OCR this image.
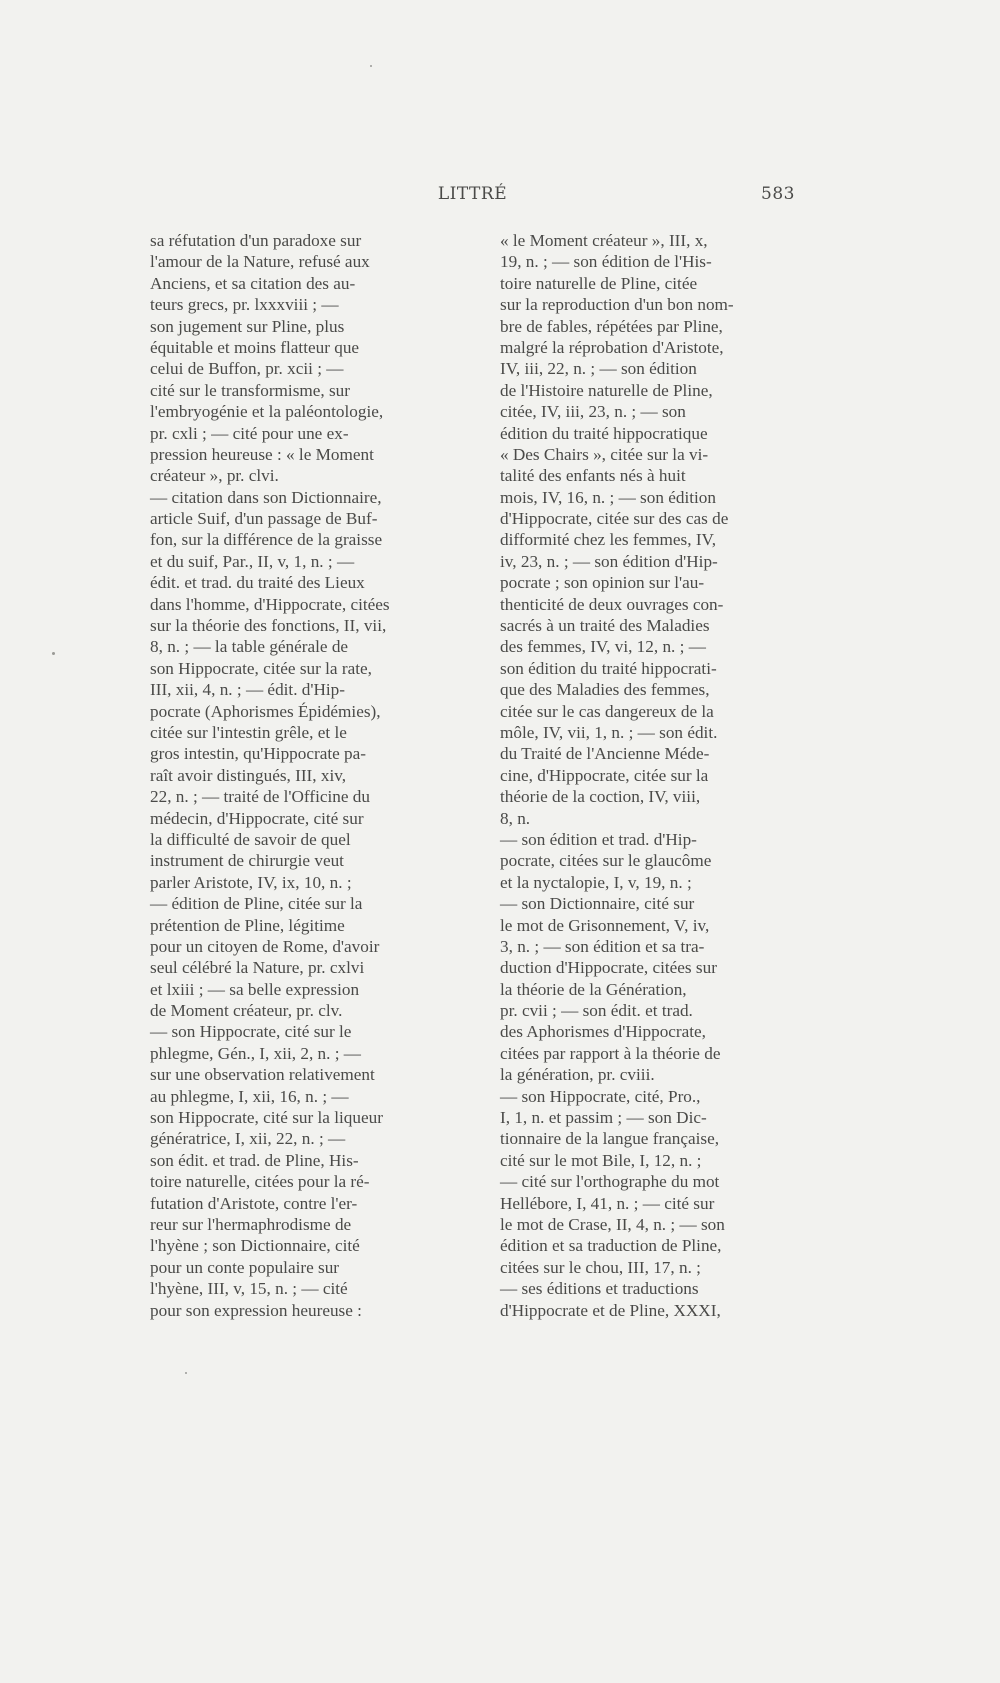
LITTRÉ	583
sa réfutation d'un paradoxe sur
l'amour de la Nature, refusé aux
Anciens, et sa citation des au-
teurs grecs, pr. lxxxviii ; —
son jugement sur Pline, plus
équitable et moins flatteur que
celui de Buffon, pr. xcii ; —
cité sur le transformisme, sur
l'embryogénie et la paléontologie,
pr. cxli ; — cité pour une ex-
pression heureuse : « le Moment
créateur », pr. clvi.
— citation dans son Dictionnaire,
article Suif, d'un passage de Buf-
fon, sur la différence de la graisse
et du suif, Par., II, v, 1, n. ; —
édit. et trad. du traité des Lieux
dans l'homme, d'Hippocrate, citées
sur la théorie des fonctions, II, vii,
8, n. ; — la table générale de
son Hippocrate, citée sur la rate,
III, xii, 4, n. ; — édit. d'Hip-
pocrate (Aphorismes Épidémies),
citée sur l'intestin grêle, et le
gros intestin, qu'Hippocrate pa-
raît avoir distingués, III, xiv,
22, n. ; — traité de l'Officine du
médecin, d'Hippocrate, cité sur
la difficulté de savoir de quel
instrument de chirurgie veut
parler Aristote, IV, ix, 10, n. ;
— édition de Pline, citée sur la
prétention de Pline, légitime
pour un citoyen de Rome, d'avoir
seul célébré la Nature, pr. cxlvi
et lxiii ; — sa belle expression
de Moment créateur, pr. clv.
— son Hippocrate, cité sur le
phlegme, Gén., I, xii, 2, n. ; —
sur une observation relativement
au phlegme, I, xii, 16, n. ; —
son Hippocrate, cité sur la liqueur
génératrice, I, xii, 22, n. ; —
son édit. et trad. de Pline, His-
toire naturelle, citées pour la ré-
futation d'Aristote, contre l'er-
reur sur l'hermaphrodisme de
l'hyène ; son Dictionnaire, cité
pour un conte populaire sur
l'hyène, III, v, 15, n. ; — cité
pour son expression heureuse :
« le Moment créateur », III, x,
19, n. ; — son édition de l'His-
toire naturelle de Pline, citée
sur la reproduction d'un bon nom-
bre de fables, répétées par Pline,
malgré la réprobation d'Aristote,
IV, iii, 22, n. ; — son édition
de l'Histoire naturelle de Pline,
citée, IV, iii, 23, n. ; — son
édition du traité hippocratique
« Des Chairs », citée sur la vi-
talité des enfants nés à huit
mois, IV, 16, n. ; — son édition
d'Hippocrate, citée sur des cas de
difformité chez les femmes, IV,
iv, 23, n. ; — son édition d'Hip-
pocrate ; son opinion sur l'au-
thenticité de deux ouvrages con-
sacrés à un traité des Maladies
des femmes, IV, vi, 12, n. ; —
son édition du traité hippocrati-
que des Maladies des femmes,
citée sur le cas dangereux de la
môle, IV, vii, 1, n. ; — son édit.
du Traité de l'Ancienne Méde-
cine, d'Hippocrate, citée sur la
théorie de la coction, IV, viii,
8, n.
— son édition et trad. d'Hip-
pocrate, citées sur le glaucôme
et la nyctalopie, I, v, 19, n. ;
— son Dictionnaire, cité sur
le mot de Grisonnement, V, iv,
3, n. ; — son édition et sa tra-
duction d'Hippocrate, citées sur
la théorie de la Génération,
pr. cvii ; — son édit. et trad.
des Aphorismes d'Hippocrate,
citées par rapport à la théorie de
la génération, pr. cviii.
— son Hippocrate, cité, Pro.,
I, 1, n. et passim ; — son Dic-
tionnaire de la langue française,
cité sur le mot Bile, I, 12, n. ;
— cité sur l'orthographe du mot
Hellébore, I, 41, n. ; — cité sur
le mot de Crase, II, 4, n. ; — son
édition et sa traduction de Pline,
citées sur le chou, III, 17, n. ;
— ses éditions et traductions
d'Hippocrate et de Pline, XXXI,
